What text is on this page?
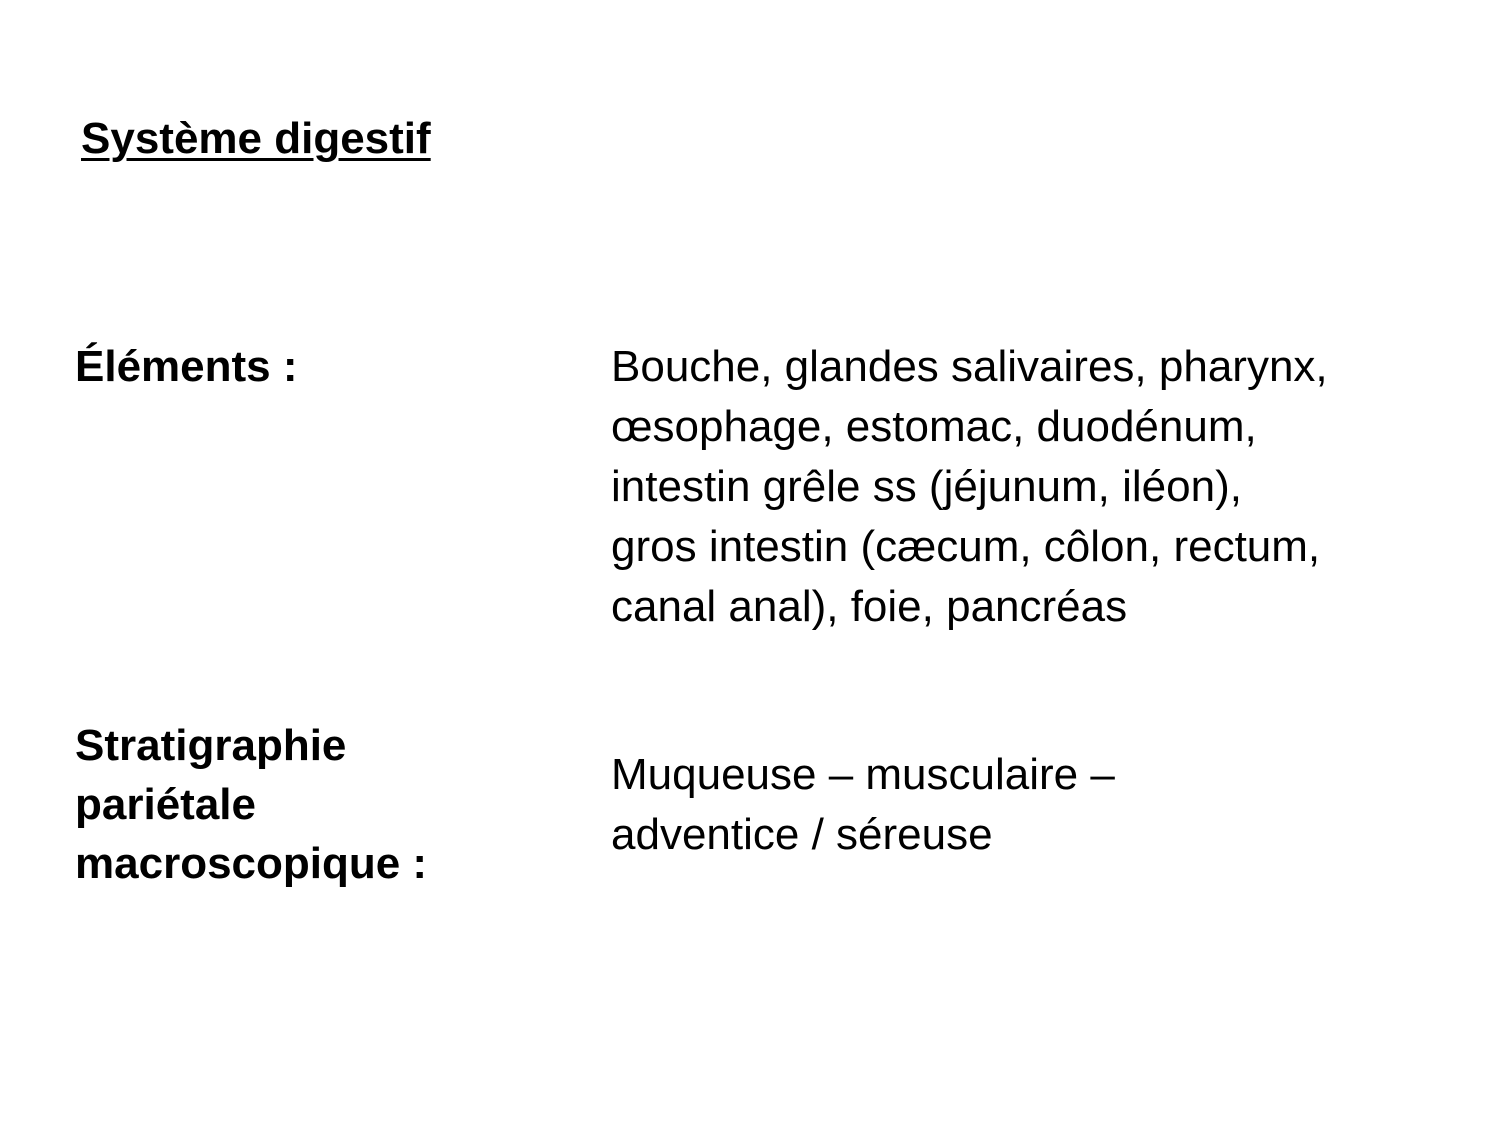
Système digestif
Éléments :	Bouche, glandes salivaires, pharynx,
œsophage, estomac, duodénum,
intestin grêle ss (jéjunum, iléon),
gros intestin (cæcum, côlon, rectum,
canal anal), foie, pancréas
Stratigraphie
pariétale
macroscopique :
Muqueuse – musculaire –
adventice / séreuse
